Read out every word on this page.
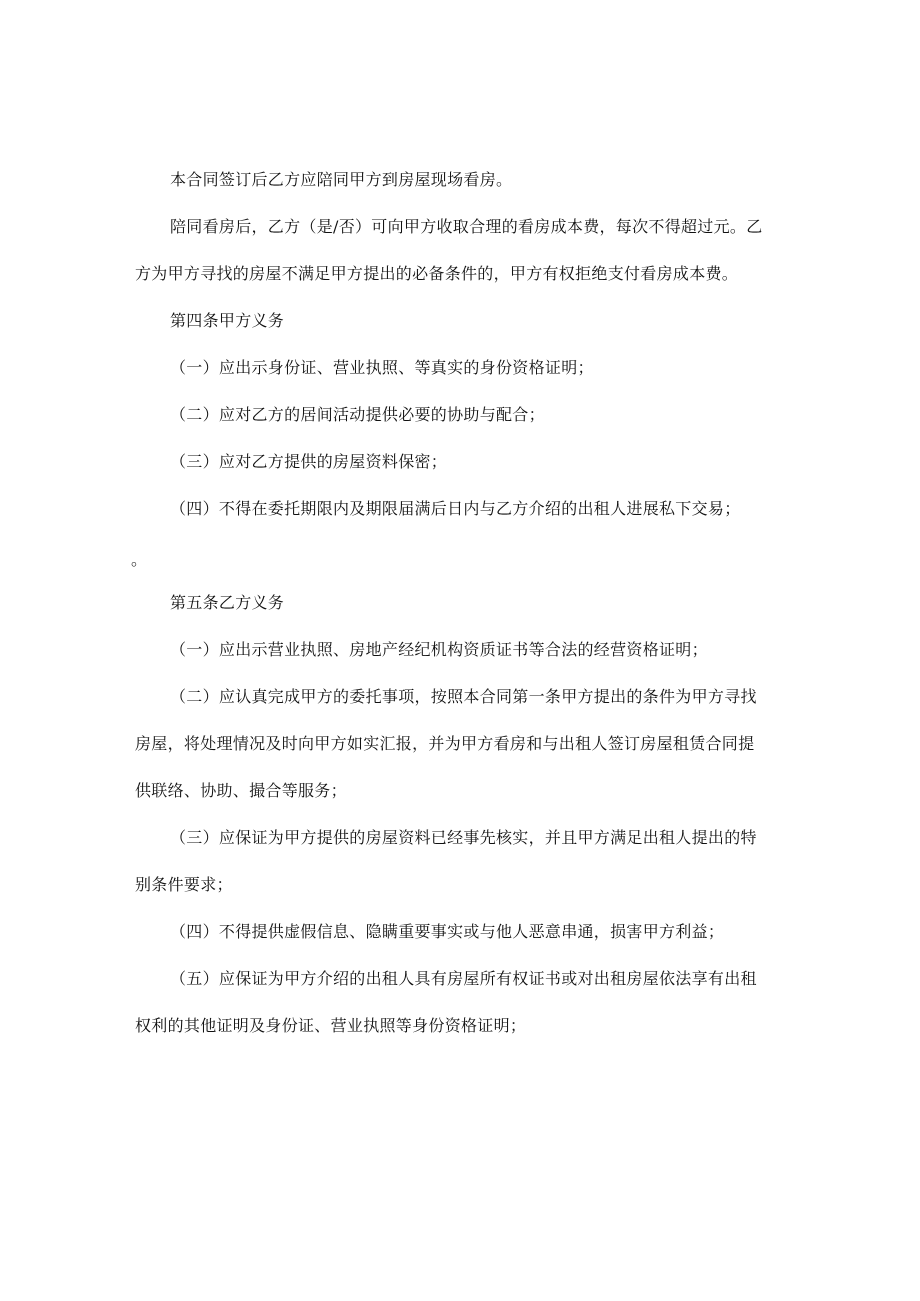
本合同签订后乙方应陪同甲方到房屋现场看房。
陪同看房后，乙方（是/否）可向甲方收取合理的看房成本费，每次不得超过元。乙
方为甲方寻找的房屋不满足甲方提出的必备条件的，甲方有权拒绝支付看房成本费。
第四条甲方义务
（一）应出示身份证、营业执照、等真实的身份资格证明；
（二）应对乙方的居间活动提供必要的协助与配合；
（三）应对乙方提供的房屋资料保密；
（四）不得在委托期限内及期限届满后日内与乙方介绍的出租人进展私下交易；
。
第五条乙方义务
（一）应出示营业执照、房地产经纪机构资质证书等合法的经营资格证明；
（二）应认真完成甲方的委托事项，按照本合同第一条甲方提出的条件为甲方寻找
房屋，将处理情况及时向甲方如实汇报，并为甲方看房和与出租人签订房屋租赁合同提
供联络、协助、撮合等服务；
（三）应保证为甲方提供的房屋资料已经事先核实，并且甲方满足出租人提出的特
别条件要求；
（四）不得提供虚假信息、隐瞒重要事实或与他人恶意串通，损害甲方利益；
（五）应保证为甲方介绍的出租人具有房屋所有权证书或对出租房屋依法享有出租
权利的其他证明及身份证、营业执照等身份资格证明；
